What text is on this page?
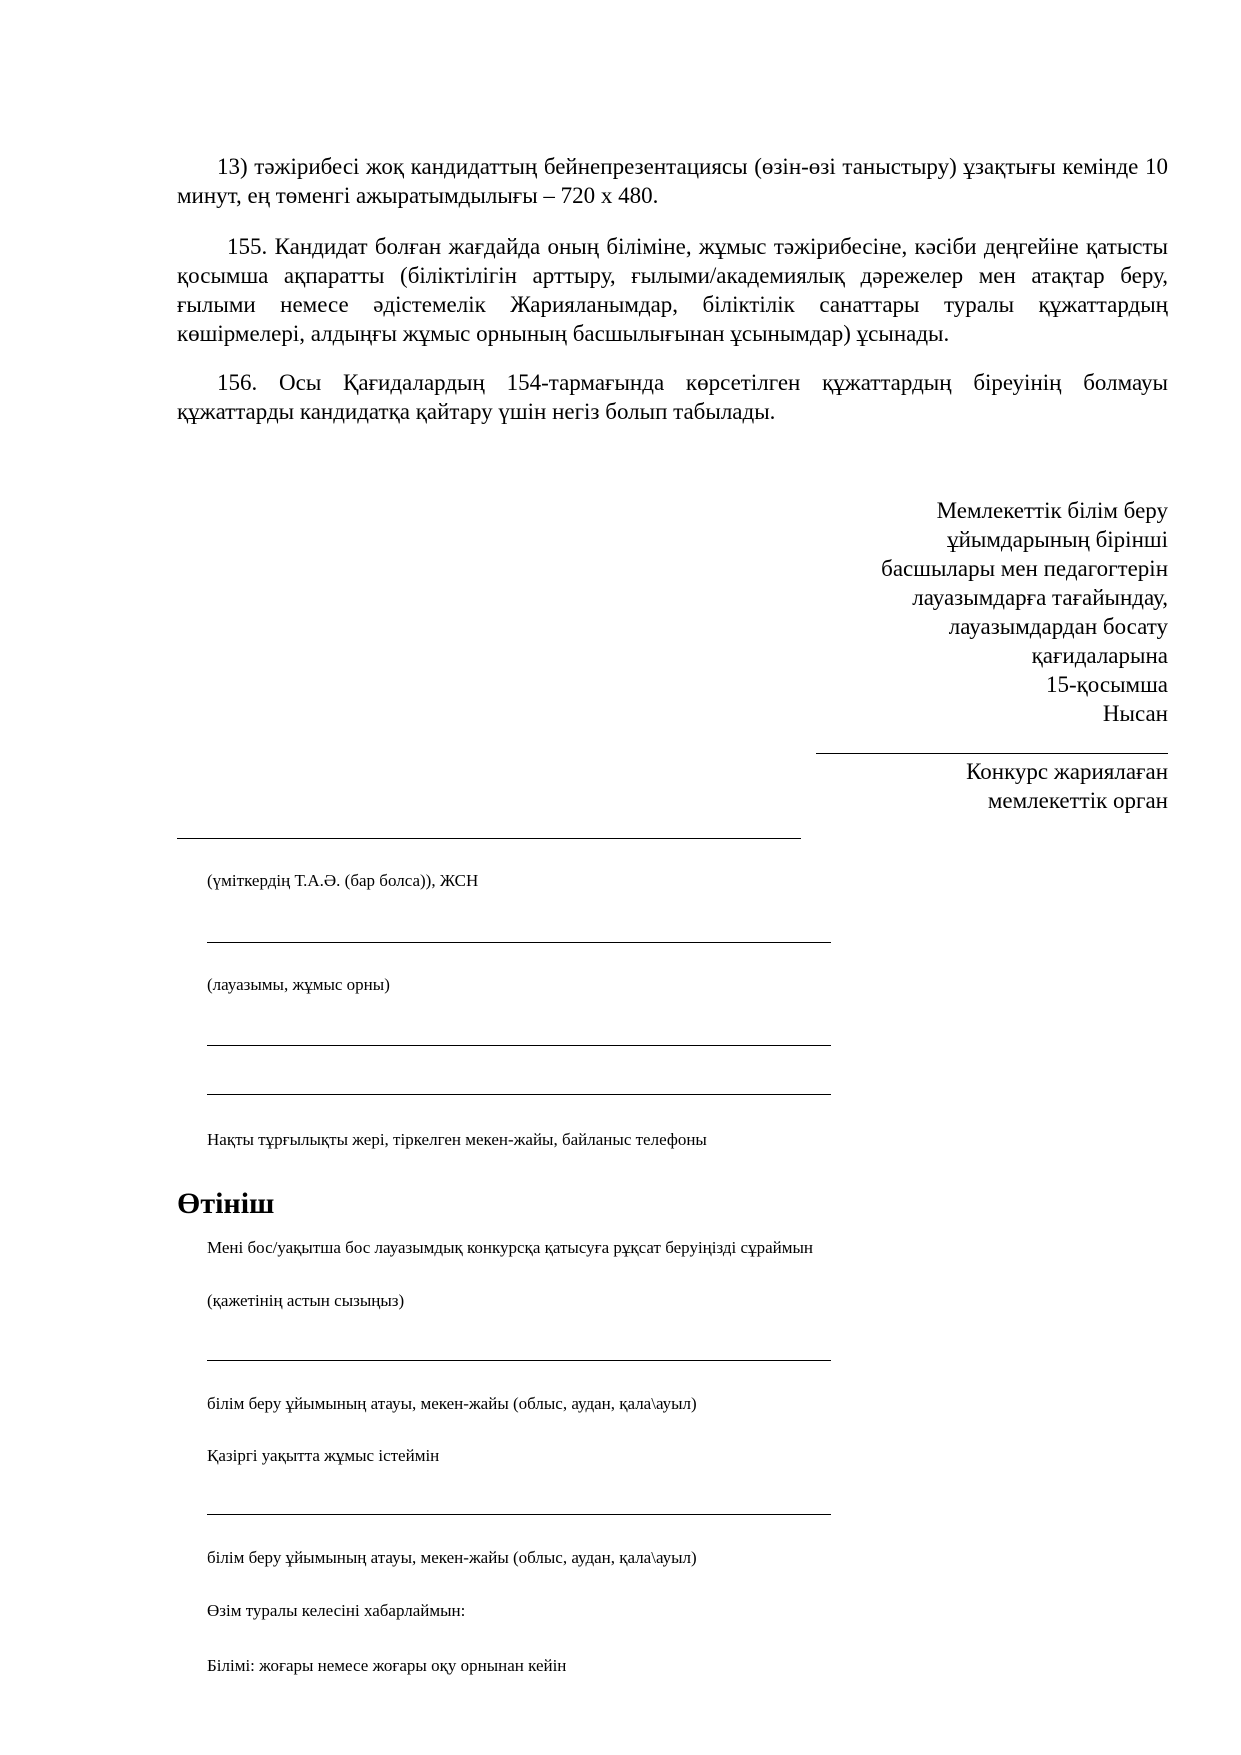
13) тәжірибесі жоқ кандидаттың бейнепрезентациясы (өзін-өзі таныстыру) ұзақтығы кемінде 10 минут, ең төменгі ажыратымдылығы – 720 x 480.

155. Кандидат болған жағдайда оның біліміне, жұмыс тәжірибесіне, кәсіби деңгейіне қатысты қосымша ақпаратты (біліктілігін арттыру, ғылыми/академиялық дәрежелер мен атақтар беру, ғылыми немесе әдістемелік Жарияланымдар, біліктілік санаттары туралы құжаттардың көшірмелері, алдыңғы жұмыс орнының басшылығынан ұсынымдар) ұсынады.

156. Осы Қағидалардың 154-тармағында көрсетілген құжаттардың біреуінің болмауы құжаттарды кандидатқа қайтару үшін негіз болып табылады.

Мемлекеттік білім беру
ұйымдарының бірінші
басшылары мен педагогтерін
лауазымдарға тағайындау,
лауазымдардан босату
қағидаларына
15-қосымша
Нысан
Конкурс жариялаған
мемлекеттік орган
(үміткердің Т.А.Ә. (бар болса)), ЖСН
(лауазымы, жұмыс орны)
Нақты тұрғылықты жері, тіркелген мекен-жайы, байланыс телефоны
Өтініш
Мені бос/уақытша бос лауазымдық конкурсқа қатысуға рұқсат беруіңізді сұраймын
(қажетінің астын сызыңыз)
білім беру ұйымының атауы, мекен-жайы (облыс, аудан, қала\ауыл)
Қазіргі уақытта жұмыс істеймін
білім беру ұйымының атауы, мекен-жайы (облыс, аудан, қала\ауыл)
Өзім туралы келесіні хабарлаймын:
Білімі: жоғары немесе жоғары оқу орнынан кейін
